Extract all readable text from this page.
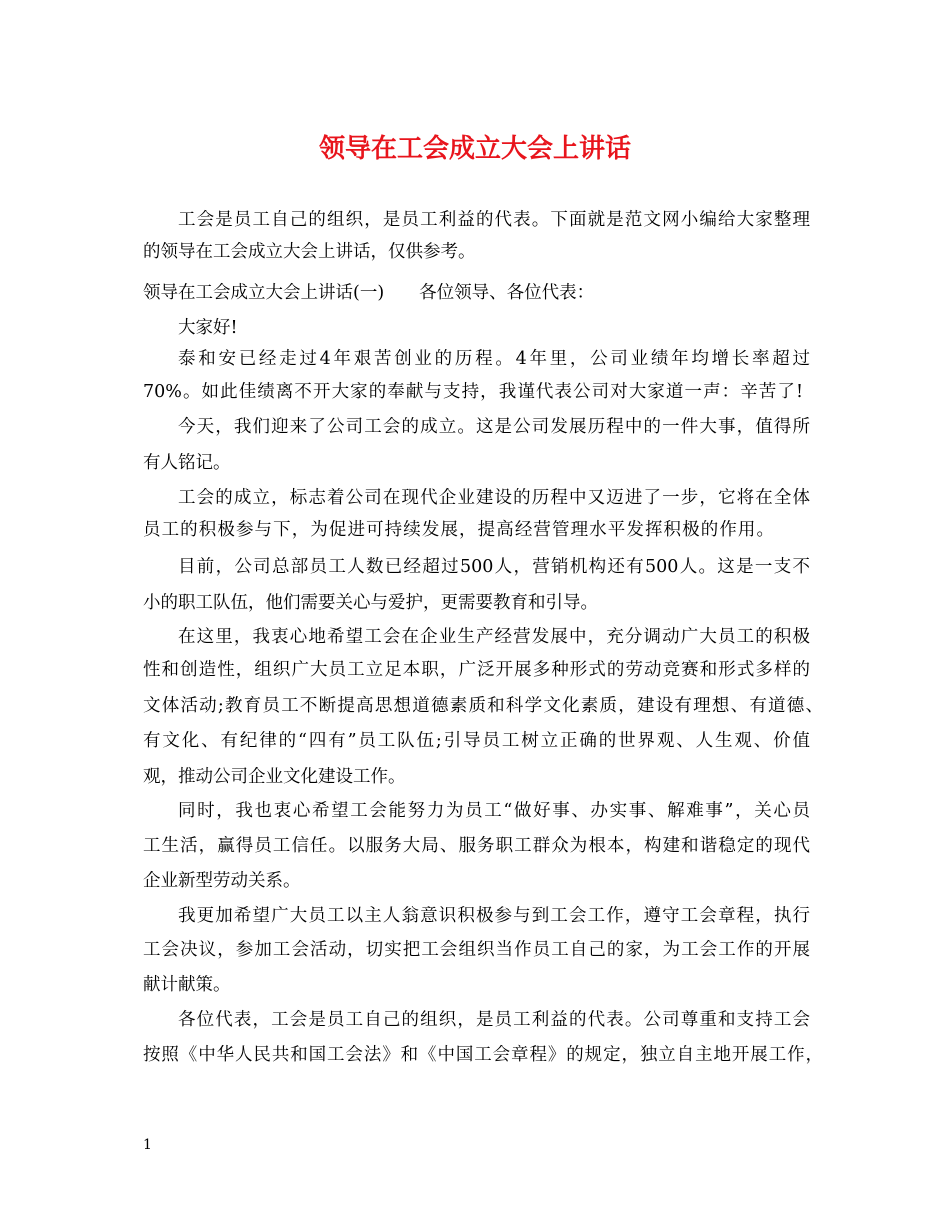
领导在工会成立大会上讲话
工会是员工自己的组织，是员工利益的代表。下面就是范文网小编给大家整理
的领导在工会成立大会上讲话，仅供参考。
领导在工会成立大会上讲话(一)　　各位领导、各位代表：
大家好!
泰和安已经走过4年艰苦创业的历程。4年里，公司业绩年均增长率超过
70%。如此佳绩离不开大家的奉献与支持，我谨代表公司对大家道一声：辛苦了!
今天，我们迎来了公司工会的成立。这是公司发展历程中的一件大事，值得所
有人铭记。
工会的成立，标志着公司在现代企业建设的历程中又迈进了一步，它将在全体
员工的积极参与下，为促进可持续发展，提高经营管理水平发挥积极的作用。
目前，公司总部员工人数已经超过500人，营销机构还有500人。这是一支不
小的职工队伍，他们需要关心与爱护，更需要教育和引导。
在这里，我衷心地希望工会在企业生产经营发展中，充分调动广大员工的积极
性和创造性，组织广大员工立足本职，广泛开展多种形式的劳动竞赛和形式多样的
文体活动;教育员工不断提高思想道德素质和科学文化素质，建设有理想、有道德、
有文化、有纪律的“四有”员工队伍;引导员工树立正确的世界观、人生观、价值
观，推动公司企业文化建设工作。
同时，我也衷心希望工会能努力为员工“做好事、办实事、解难事”，关心员
工生活，赢得员工信任。以服务大局、服务职工群众为根本，构建和谐稳定的现代
企业新型劳动关系。
我更加希望广大员工以主人翁意识积极参与到工会工作，遵守工会章程，执行
工会决议，参加工会活动，切实把工会组织当作员工自己的家，为工会工作的开展
献计献策。
各位代表，工会是员工自己的组织，是员工利益的代表。公司尊重和支持工会
按照《中华人民共和国工会法》和《中国工会章程》的规定，独立自主地开展工作，
1
